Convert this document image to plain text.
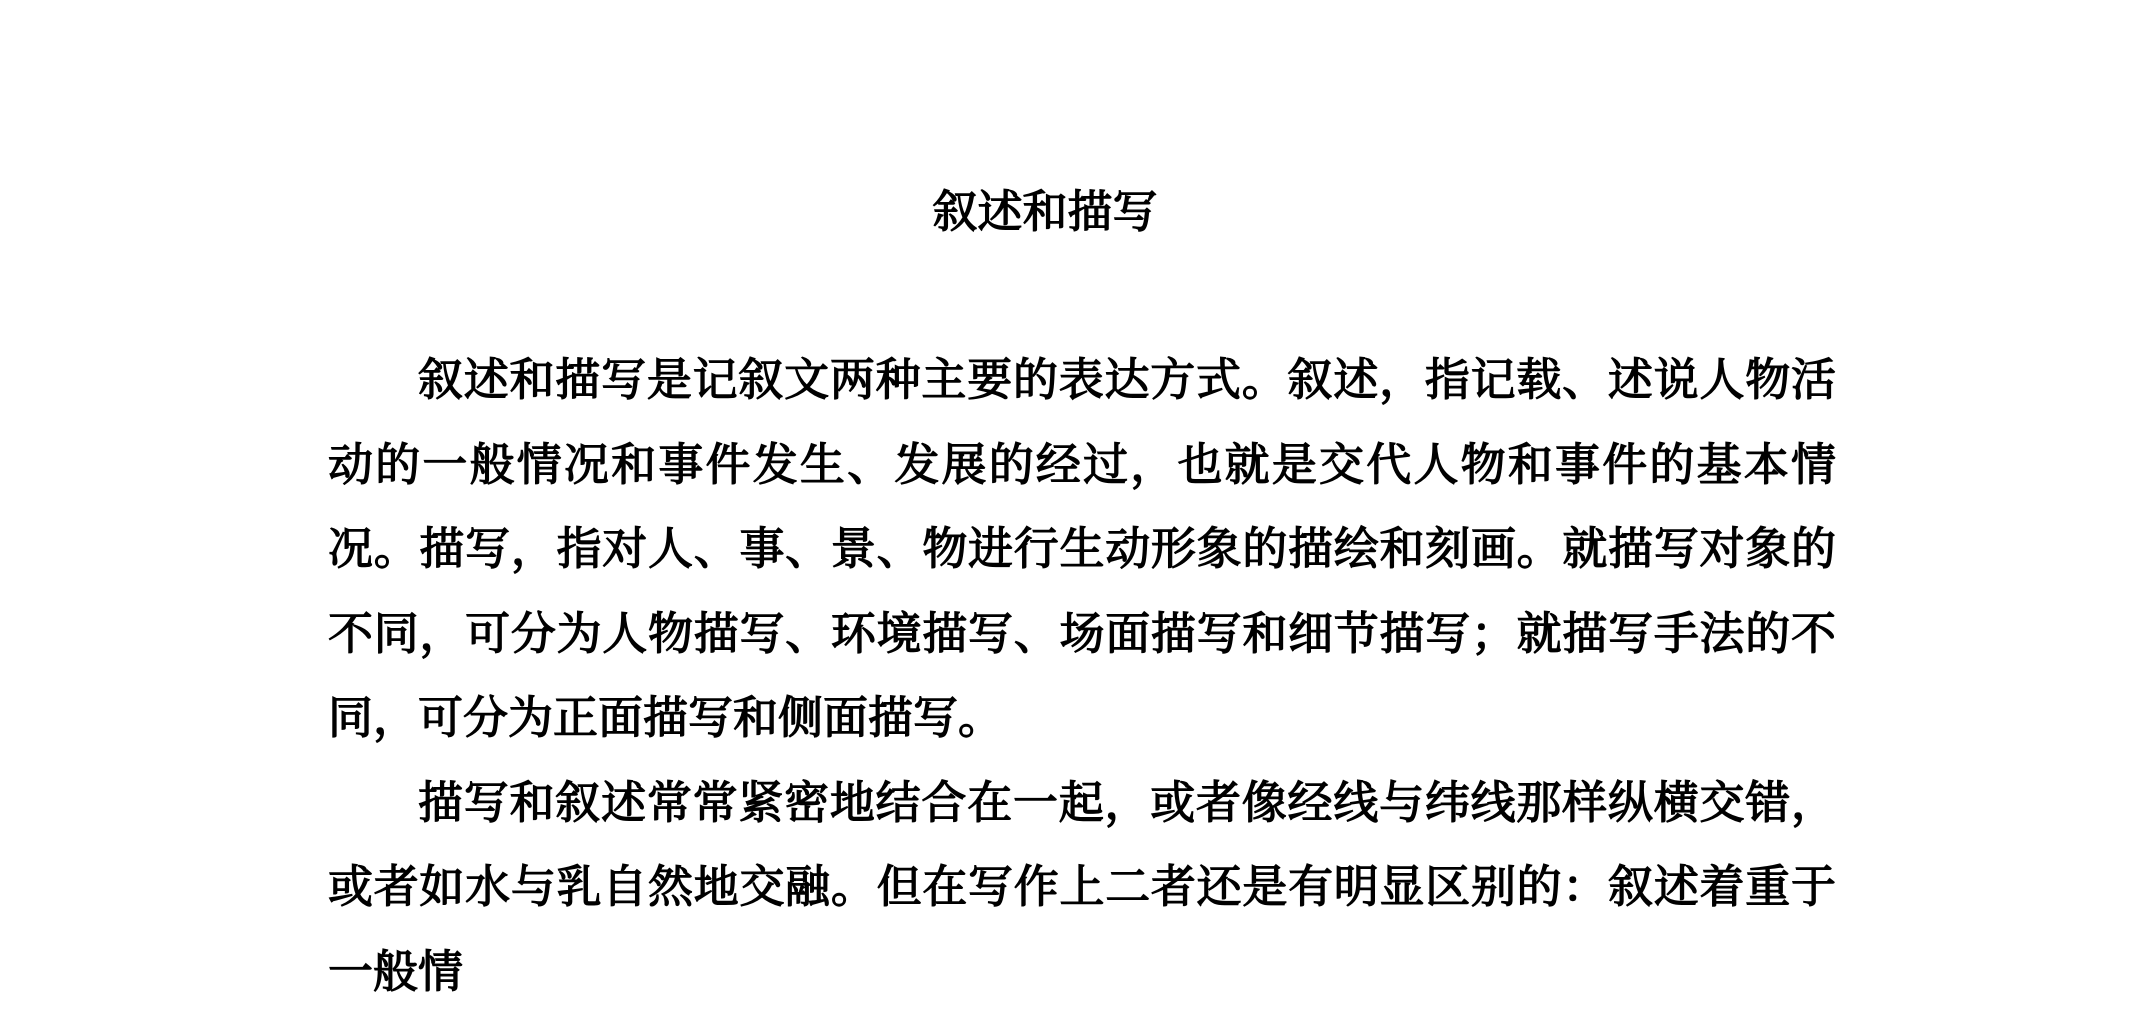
叙述和描写

叙述和描写是记叙文两种主要的表达方式。叙述，指记载、述说人物活动的一般情况和事件发生、发展的经过，也就是交代人物和事件的基本情况。描写，指对人、事、景、物进行生动形象的描绘和刻画。就描写对象的不同，可分为人物描写、环境描写、场面描写和细节描写；就描写手法的不同，可分为正面描写和侧面描写。

描写和叙述常常紧密地结合在一起，或者像经线与纬线那样纵横交错，或者如水与乳自然地交融。但在写作上二者还是有明显区别的：叙述着重于一般情
